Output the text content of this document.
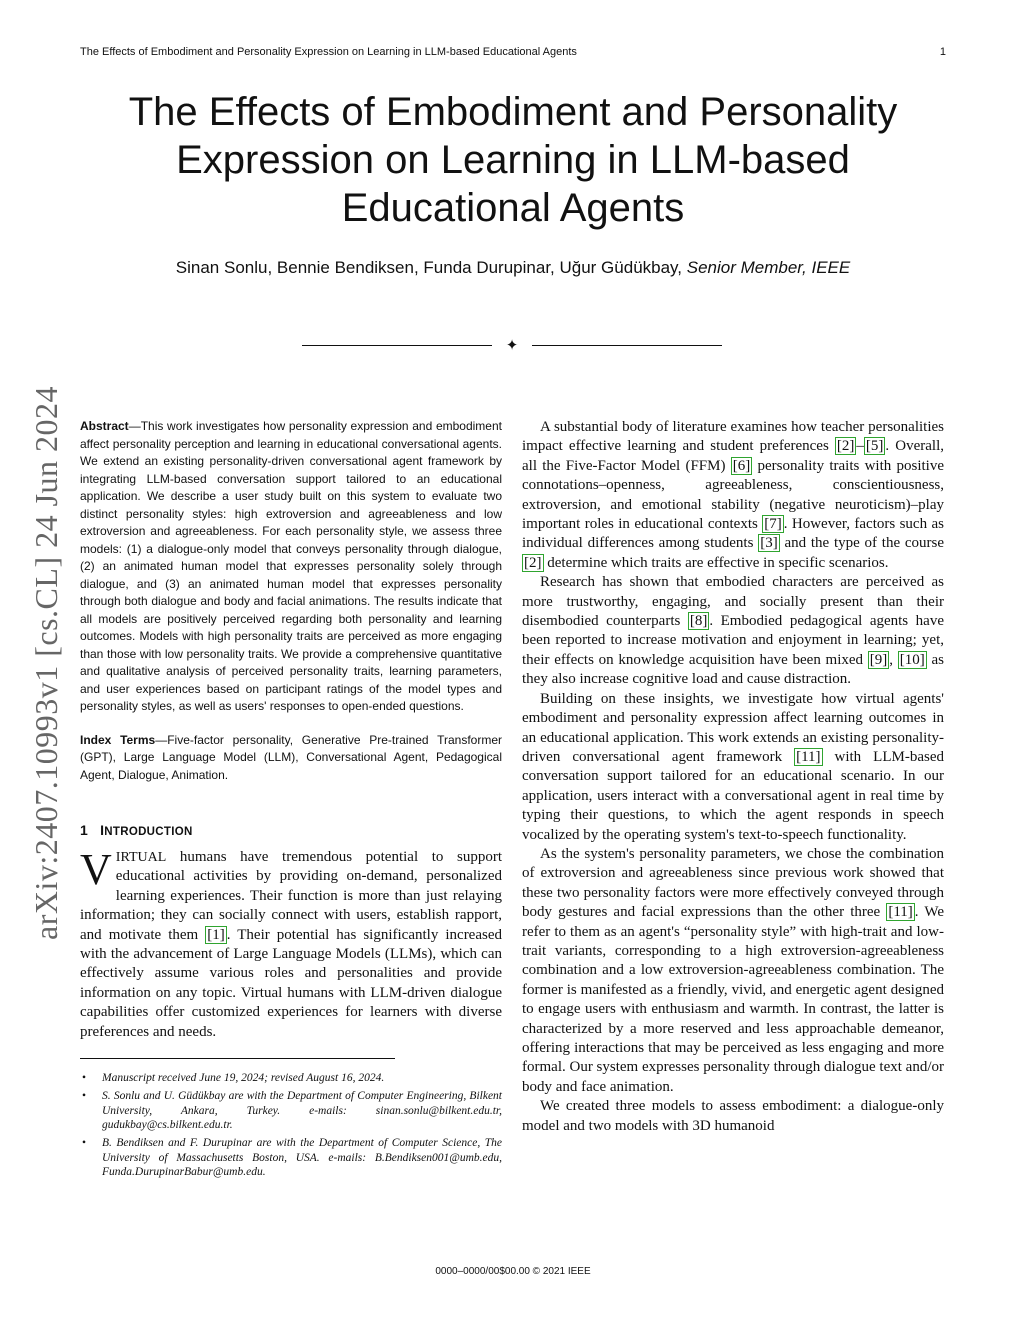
The Effects of Embodiment and Personality Expression on Learning in LLM-based Educational Agents	1
The Effects of Embodiment and Personality Expression on Learning in LLM-based Educational Agents
Sinan Sonlu, Bennie Bendiksen, Funda Durupinar, Uğur Güdükbay, Senior Member, IEEE
✦
arXiv:2407.10993v1 [cs.CL] 24 Jun 2024	Abstract—This work investigates how personality expression and embodiment affect personality perception and learning in educational conversational agents. We extend an existing personality-driven conversational agent framework by integrating LLM-based conversation support tailored to an educational application. We describe a user study built on this system to evaluate two distinct personality styles: high extroversion and agreeableness and low extroversion and agreeableness. For each personality style, we assess three models: (1) a dialogue-only model that conveys personality through dialogue, (2) an animated human model that expresses personality solely through dialogue, and (3) an animated human model that expresses personality through both dialogue and body and facial animations. The results indicate that all models are positively perceived regarding both personality and learning outcomes. Models with high personality traits are perceived as more engaging than those with low personality traits. We provide a comprehensive quantitative and qualitative analysis of perceived personality traits, learning parameters, and user experiences based on participant ratings of the model types and personality styles, as well as users' responses to open-ended questions.

Index Terms—Five-factor personality, Generative Pre-trained Transformer (GPT), Large Language Model (LLM), Conversational Agent, Pedagogical Agent, Dialogue, Animation.

1 INTRODUCTION

VIRTUAL humans have tremendous potential to support educational activities by providing on-demand, personalized learning experiences. Their function is more than just relaying information; they can socially connect with users, establish rapport, and motivate them [1] . Their potential has significantly increased with the advancement of Large Language Models (LLMs), which can effectively assume various roles and personalities and provide information on any topic. Virtual humans with LLM-driven dialogue capabilities offer customized experiences for learners with diverse preferences and needs.

• Manuscript received June 19, 2024; revised August 16, 2024.
• S. Sonlu and U. Güdükbay are with the Department of Computer Engineering, Bilkent University, Ankara, Turkey. e-mails: sinan.sonlu@bilkent.edu.tr, gudukbay@cs.bilkent.edu.tr.
• B. Bendiksen and F. Durupinar are with the Department of Computer Science, The University of Massachusetts Boston, USA. e-mails: B.Bendiksen001@umb.edu, Funda.DurupinarBabur@umb.edu.

A substantial body of literature examines how teacher personalities impact effective learning and student preferences [2] – [5] . Overall, all the Five-Factor Model (FFM) [6] personality traits with positive connotations–openness, agreeableness, conscientiousness, extroversion, and emotional stability (negative neuroticism)–play important roles in educational contexts [7] . However, factors such as individual differences among students [3] and the type of the course [2] determine which traits are effective in specific scenarios.

Research has shown that embodied characters are perceived as more trustworthy, engaging, and socially present than their disembodied counterparts [8] . Embodied pedagogical agents have been reported to increase motivation and enjoyment in learning; yet, their effects on knowledge acquisition have been mixed [9] , [10] as they also increase cognitive load and cause distraction.

Building on these insights, we investigate how virtual agents' embodiment and personality expression affect learning outcomes in an educational application. This work extends an existing personality-driven conversational agent framework [11] with LLM-based conversation support tailored for an educational scenario. In our application, users interact with a conversational agent in real time by typing their questions, to which the agent responds in speech vocalized by the operating system's text-to-speech functionality.

As the system's personality parameters, we chose the combination of extroversion and agreeableness since previous work showed that these two personality factors were more effectively conveyed through body gestures and facial expressions than the other three [11] . We refer to them as an agent's “personality style” with high-trait and low-trait variants, corresponding to a high extroversion-agreeableness combination and a low extroversion-agreeableness combination. The former is manifested as a friendly, vivid, and energetic agent designed to engage users with enthusiasm and warmth. In contrast, the latter is characterized by a more reserved and less approachable demeanor, offering interactions that may be perceived as less engaging and more formal. Our system expresses personality through dialogue text and/or body and face animation.

We created three models to assess embodiment: a dialogue-only model and two models with 3D humanoid

0000–0000/00$00.00 © 2021 IEEE
